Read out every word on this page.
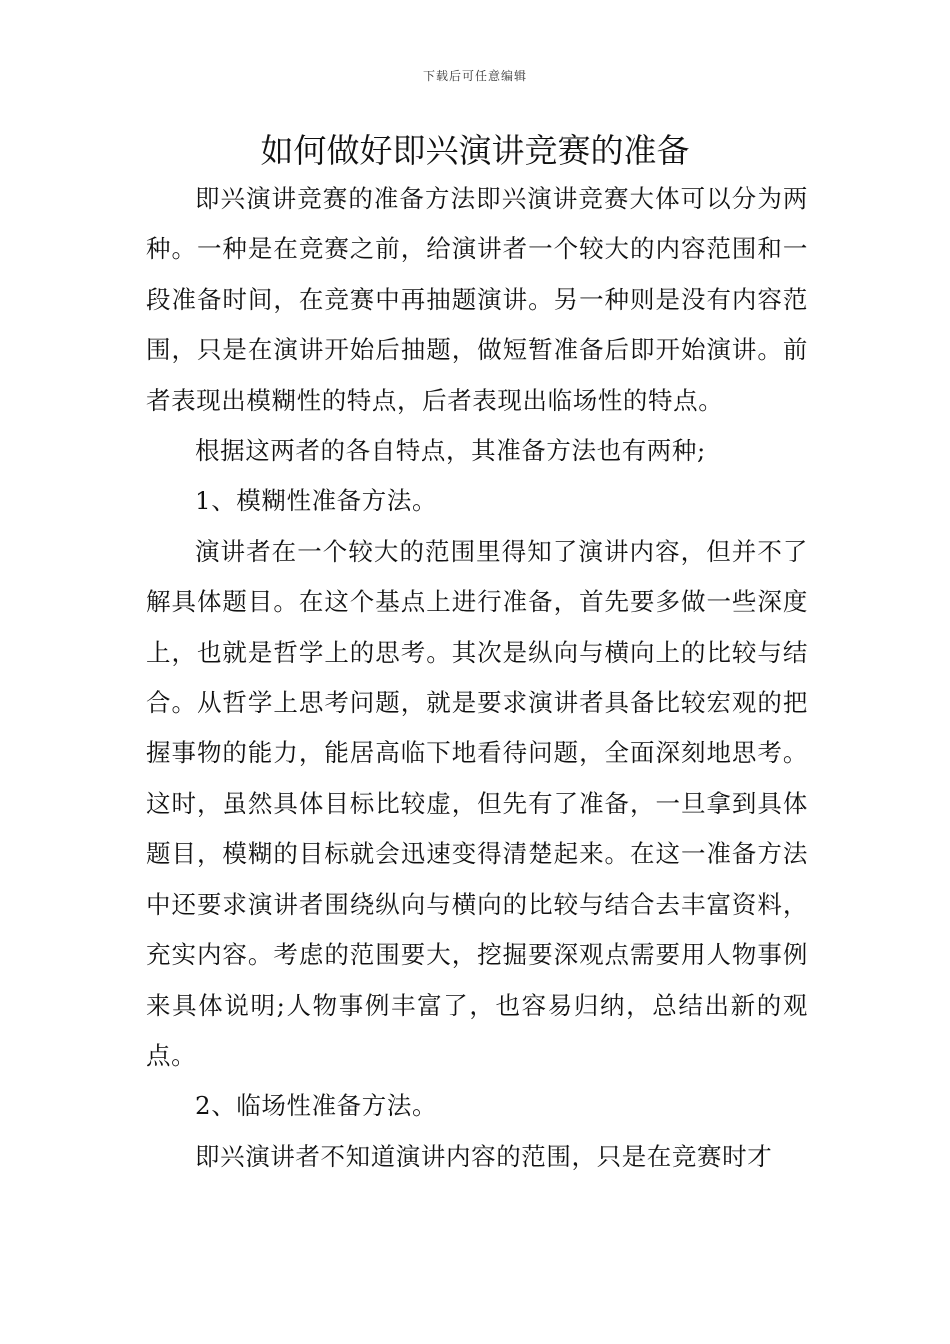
下载后可任意编辑
如何做好即兴演讲竞赛的准备

即兴演讲竞赛的准备方法即兴演讲竞赛大体可以分为两种。一种是在竞赛之前，给演讲者一个较大的内容范围和一段准备时间，在竞赛中再抽题演讲。另一种则是没有内容范围，只是在演讲开始后抽题，做短暂准备后即开始演讲。前者表现出模糊性的特点，后者表现出临场性的特点。

根据这两者的各自特点，其准备方法也有两种;

1、模糊性准备方法。

演讲者在一个较大的范围里得知了演讲内容，但并不了解具体题目。在这个基点上进行准备，首先要多做一些深度上，也就是哲学上的思考。其次是纵向与横向上的比较与结合。从哲学上思考问题，就是要求演讲者具备比较宏观的把握事物的能力，能居高临下地看待问题，全面深刻地思考。这时，虽然具体目标比较虚，但先有了准备，一旦拿到具体题目，模糊的目标就会迅速变得清楚起来。在这一准备方法中还要求演讲者围绕纵向与横向的比较与结合去丰富资料，充实内容。考虑的范围要大，挖掘要深观点需要用人物事例来具体说明;人物事例丰富了，也容易归纳，总结出新的观点。

2、临场性准备方法。

即兴演讲者不知道演讲内容的范围，只是在竞赛时才
